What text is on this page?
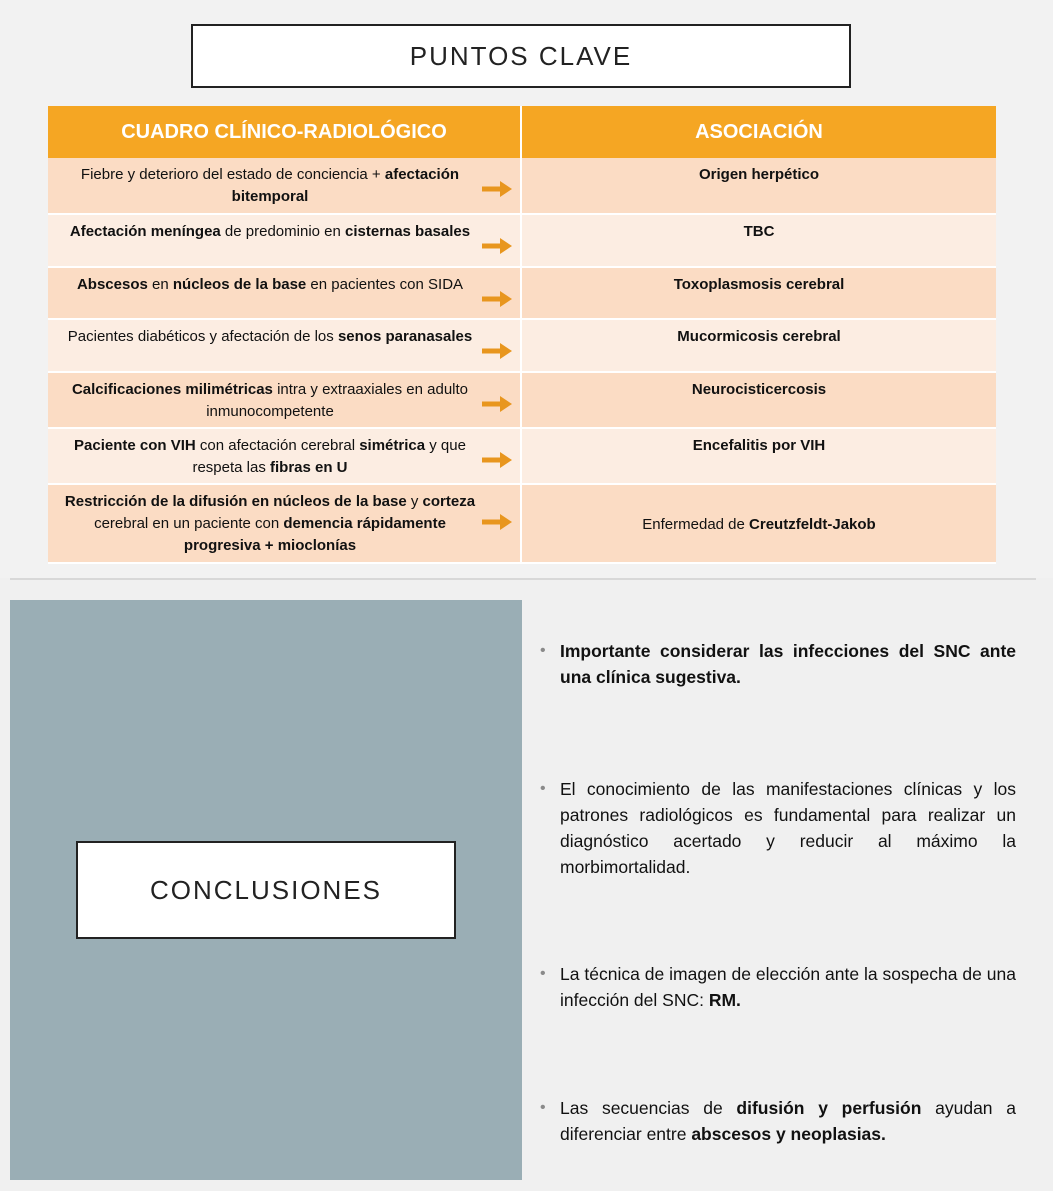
PUNTOS CLAVE
CUADRO CLÍNICO-RADIOLÓGICO	ASOCIACIÓN
Fiebre y deterioro del estado de conciencia + afectación bitemporal	Origen herpético
Afectación meníngea de predominio en cisternas basales	TBC
Abscesos en núcleos de la base en pacientes con SIDA	Toxoplasmosis cerebral
Pacientes diabéticos y afectación de los senos paranasales	Mucormicosis cerebral
Calcificaciones milimétricas intra y extraaxiales en adulto inmunocompetente	Neurocisticercosis
Paciente con VIH con afectación cerebral simétrica y que respeta las fibras en U	Encefalitis por VIH
Restricción de la difusión en núcleos de la base y corteza cerebral en un paciente con demencia rápidamente progresiva + mioclonías	Enfermedad de Creutzfeldt-Jakob
CONCLUSIONES
• Importante considerar las infecciones del SNC ante una clínica sugestiva.
• El conocimiento de las manifestaciones clínicas y los patrones radiológicos es fundamental para realizar un diagnóstico acertado y reducir al máximo la morbimortalidad.
• La técnica de imagen de elección ante la sospecha de una infección del SNC: RM.
• Las secuencias de difusión y perfusión ayudan a diferenciar entre abscesos y neoplasias.
